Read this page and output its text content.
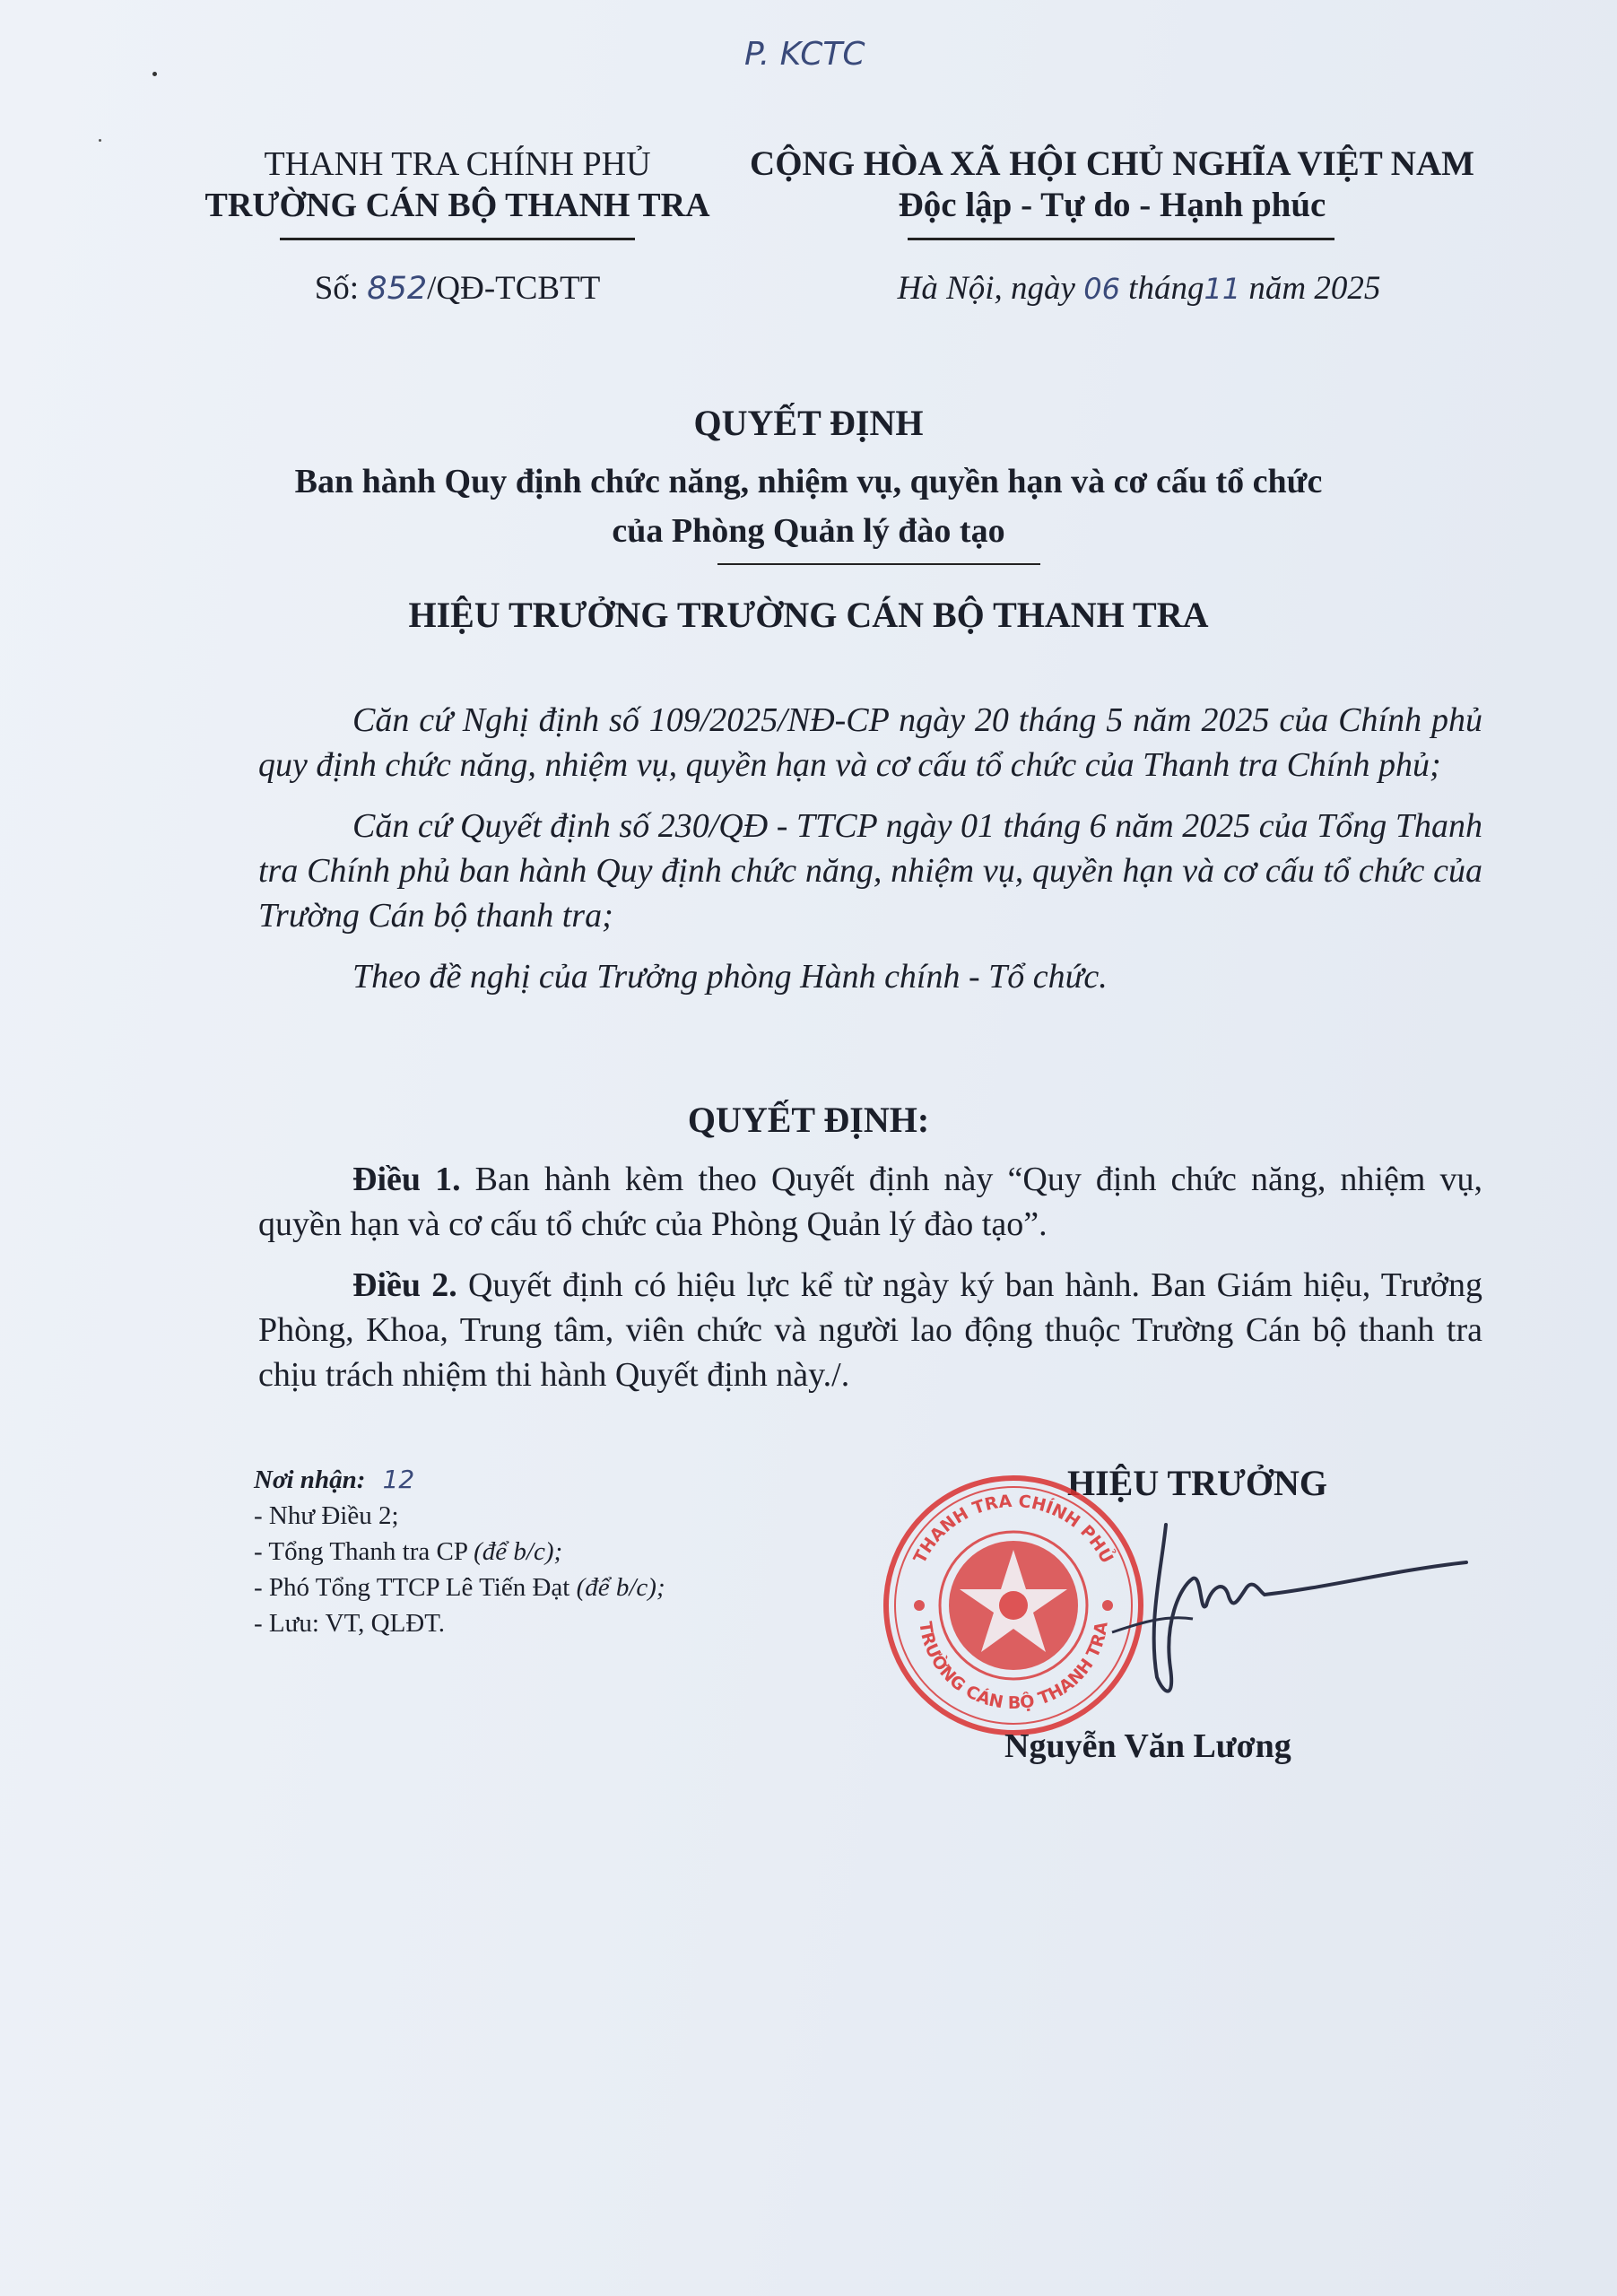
P. KCTC
THANH TRA CHÍNH PHỦ
TRƯỜNG CÁN BỘ THANH TRA
CỘNG HÒA XÃ HỘI CHỦ NGHĨA VIỆT NAM
Độc lập - Tự do - Hạnh phúc
Số: 852/QĐ-TCBTT	Hà Nội, ngày 06 tháng11 năm 2025
QUYẾT ĐỊNH
Ban hành Quy định chức năng, nhiệm vụ, quyền hạn và cơ cấu tổ chức
của Phòng Quản lý đào tạo
HIỆU TRƯỞNG TRƯỜNG CÁN BỘ THANH TRA

Căn cứ Nghị định số 109/2025/NĐ-CP ngày 20 tháng 5 năm 2025 của Chính phủ quy định chức năng, nhiệm vụ, quyền hạn và cơ cấu tổ chức của Thanh tra Chính phủ;

Căn cứ Quyết định số 230/QĐ - TTCP ngày 01 tháng 6 năm 2025 của Tổng Thanh tra Chính phủ ban hành Quy định chức năng, nhiệm vụ, quyền hạn và cơ cấu tổ chức của Trường Cán bộ thanh tra;

Theo đề nghị của Trưởng phòng Hành chính - Tổ chức.

QUYẾT ĐỊNH:

Điều 1. Ban hành kèm theo Quyết định này “Quy định chức năng, nhiệm vụ, quyền hạn và cơ cấu tổ chức của Phòng Quản lý đào tạo”.

Điều 2. Quyết định có hiệu lực kể từ ngày ký ban hành. Ban Giám hiệu, Trưởng Phòng, Khoa, Trung tâm, viên chức và người lao động thuộc Trường Cán bộ thanh tra chịu trách nhiệm thi hành Quyết định này./.

Nơi nhận: 12
- Như Điều 2;
- Tổng Thanh tra CP (để b/c);
- Phó Tổng TTCP Lê Tiến Đạt (để b/c);
- Lưu: VT, QLĐT.
HIỆU TRƯỞNG
THANH TRA CHÍNH PHỦ
TRƯỜNG CÁN BỘ THANH TRA
Nguyễn Văn Lương
